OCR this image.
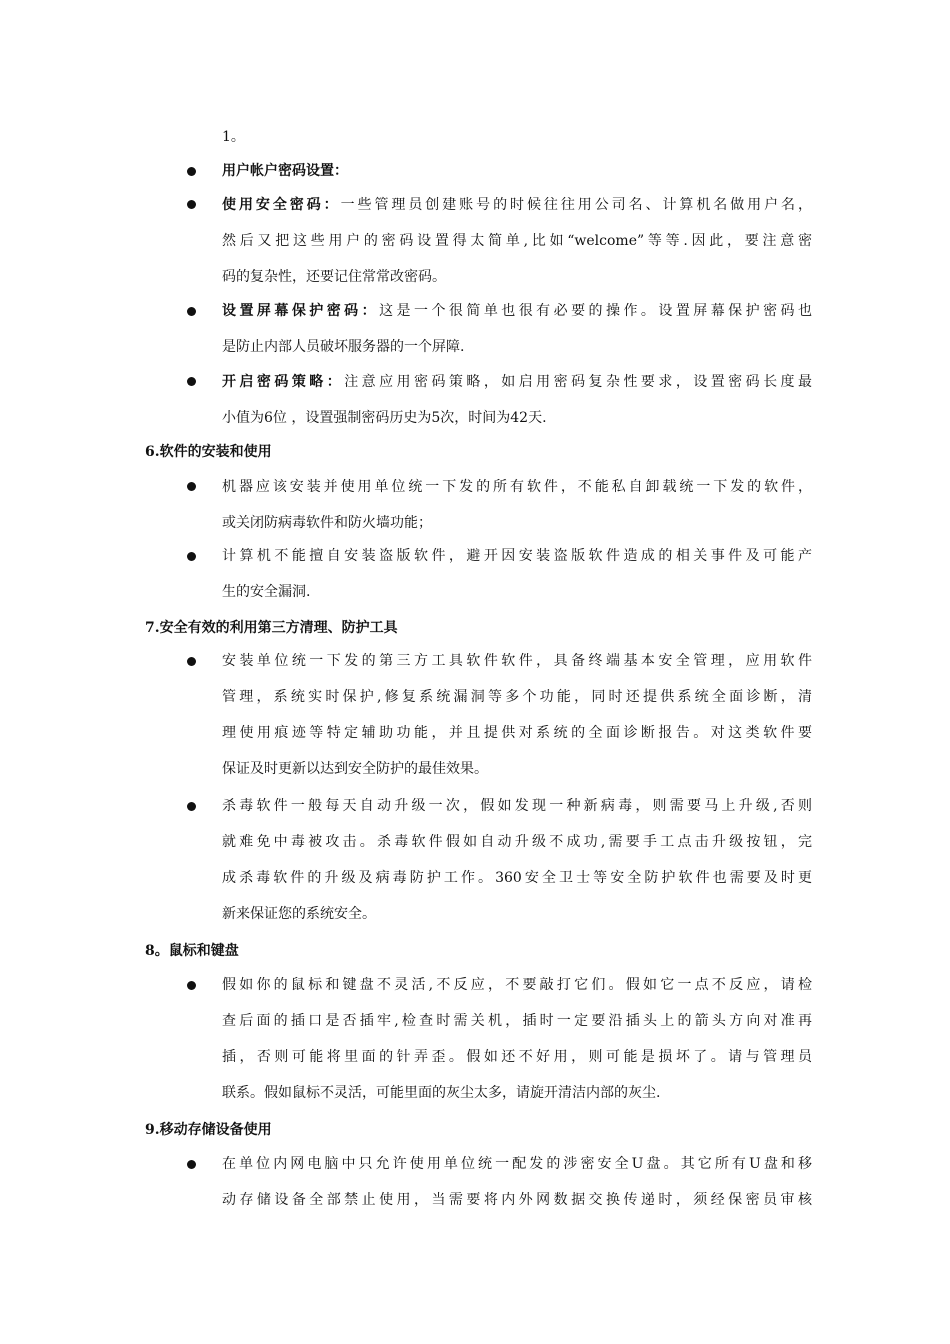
1。
用户帐户密码设置：
使用安全密码：一些管理员创建账号的时候往往用公司名、计算机名做用户名，
然后又把这些用户的密码设置得太简单,比如“welcome”等等.因此，要注意密
码的复杂性，还要记住常常改密码。
设置屏幕保护密码：这是一个很简单也很有必要的操作。设置屏幕保护密码也
是防止内部人员破坏服务器的一个屏障.
开启密码策略：注意应用密码策略，如启用密码复杂性要求，设置密码长度最
小值为6位 ，设置强制密码历史为5次，时间为42天.
6.软件的安装和使用
机器应该安装并使用单位统一下发的所有软件，不能私自卸载统一下发的软件，
或关闭防病毒软件和防火墙功能；
计算机不能擅自安装盗版软件，避开因安装盗版软件造成的相关事件及可能产
生的安全漏洞.
7.安全有效的利用第三方清理、防护工具
安装单位统一下发的第三方工具软件软件，具备终端基本安全管理，应用软件
管理，系统实时保护,修复系统漏洞等多个功能，同时还提供系统全面诊断，清
理使用痕迹等特定辅助功能，并且提供对系统的全面诊断报告。对这类软件要
保证及时更新以达到安全防护的最佳效果。
杀毒软件一般每天自动升级一次，假如发现一种新病毒，则需要马上升级,否则
就难免中毒被攻击。杀毒软件假如自动升级不成功,需要手工点击升级按钮，完
成杀毒软件的升级及病毒防护工作。360安全卫士等安全防护软件也需要及时更
新来保证您的系统安全。
8。鼠标和键盘
假如你的鼠标和键盘不灵活,不反应，不要敲打它们。假如它一点不反应，请检
查后面的插口是否插牢,检查时需关机，插时一定要沿插头上的箭头方向对准再
插，否则可能将里面的针弄歪。假如还不好用，则可能是损坏了。请与管理员
联系。假如鼠标不灵活，可能里面的灰尘太多，请旋开清洁内部的灰尘.
9.移动存储设备使用
在单位内网电脑中只允许使用单位统一配发的涉密安全U盘。其它所有U盘和移
动存储设备全部禁止使用，当需要将内外网数据交换传递时，须经保密员审核
